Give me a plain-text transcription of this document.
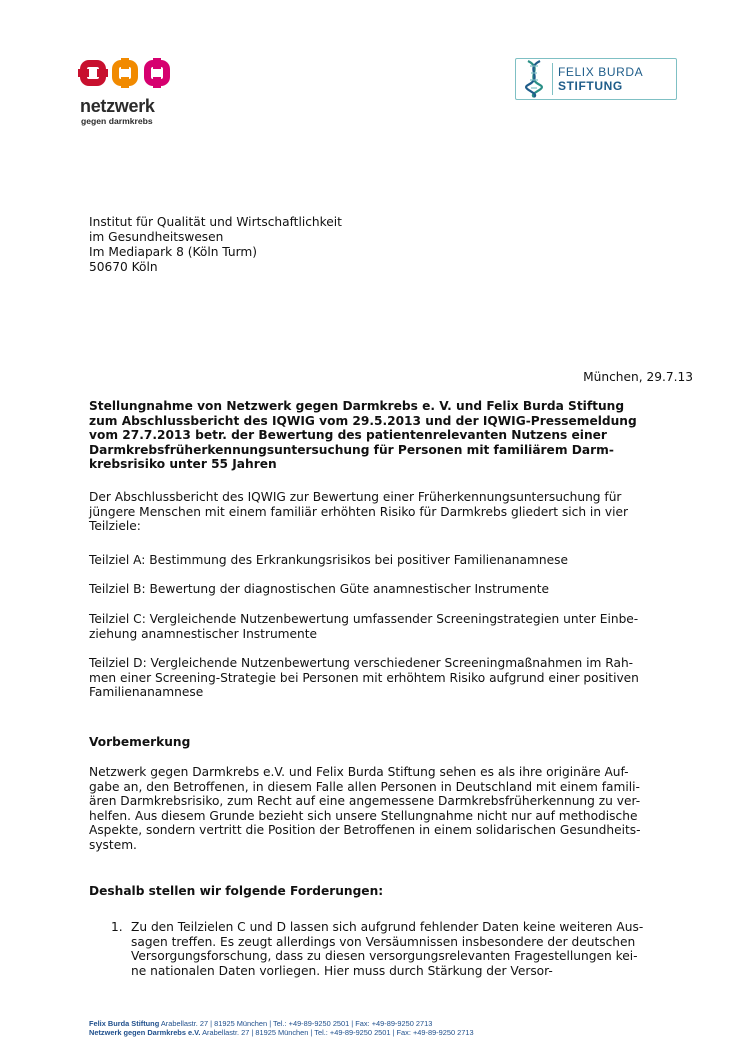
netzwerk
gegen darmkrebs
FELIX BURDA
STIFTUNG
Institut für Qualität und Wirtschaftlichkeit
im Gesundheitswesen
Im Mediapark 8 (Köln Turm)
50670 Köln
München, 29.7.13
Stellungnahme von Netzwerk gegen Darmkrebs e. V. und Felix Burda Stiftung
zum Abschlussbericht des IQWIG vom 29.5.2013 und der IQWIG-Pressemeldung
vom 27.7.2013 betr. der Bewertung des patientenrelevanten Nutzens einer
Darmkrebsfrüherkennungsuntersuchung für Personen mit familiärem Darm-
krebsrisiko unter 55 Jahren
Der Abschlussbericht des IQWIG zur Bewertung einer Früherkennungsuntersuchung für
jüngere Menschen mit einem familiär erhöhten Risiko für Darmkrebs gliedert sich in vier
Teilziele:
Teilziel A: Bestimmung des Erkrankungsrisikos bei positiver Familienanamnese
Teilziel B: Bewertung der diagnostischen Güte anamnestischer Instrumente
Teilziel C: Vergleichende Nutzenbewertung umfassender Screeningstrategien unter Einbe-
ziehung anamnestischer Instrumente
Teilziel D: Vergleichende Nutzenbewertung verschiedener Screeningmaßnahmen im Rah-
men einer Screening-Strategie bei Personen mit erhöhtem Risiko aufgrund einer positiven
Familienanamnese
Vorbemerkung
Netzwerk gegen Darmkrebs e.V. und Felix Burda Stiftung sehen es als ihre originäre Auf-
gabe an, den Betroffenen, in diesem Falle allen Personen in Deutschland mit einem famili-
ären Darmkrebsrisiko, zum Recht auf eine angemessene Darmkrebsfrüherkennung zu ver-
helfen. Aus diesem Grunde bezieht sich unsere Stellungnahme nicht nur auf methodische
Aspekte, sondern vertritt die Position der Betroffenen in einem solidarischen Gesundheits-
system.
Deshalb stellen wir folgende Forderungen:
1. Zu den Teilzielen C und D lassen sich aufgrund fehlender Daten keine weiteren Aus-
sagen treffen. Es zeugt allerdings von Versäumnissen insbesondere der deutschen
Versorgungsforschung, dass zu diesen versorgungsrelevanten Fragestellungen kei-
ne nationalen Daten vorliegen. Hier muss durch Stärkung der Versor-
Felix Burda Stiftung Arabellastr. 27 | 81925 München | Tel.: +49-89-9250 2501 | Fax: +49-89-9250 2713
Netzwerk gegen Darmkrebs e.V. Arabellastr. 27 | 81925 München | Tel.: +49-89-9250 2501 | Fax: +49-89-9250 2713
